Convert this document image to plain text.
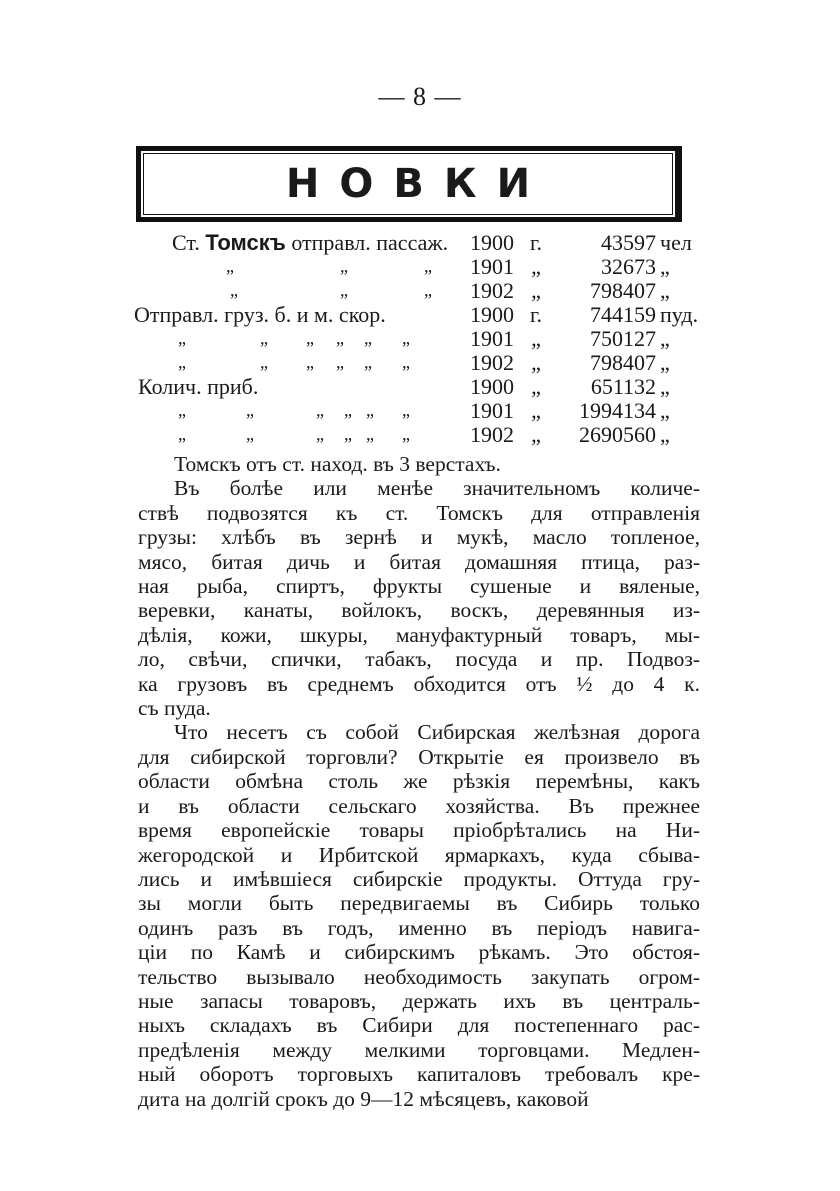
— 8 —
НОВКИ
Ст. Томскъ отправл. пассаж. 1900 г.	43597 чел
„	„	„	1901 „	32673 „
„	„	„	1902 „	798407 „
Отправл. груз. б. и м. скор.	1900 г.	744159 пуд.
„	„ „ „ „ „	1901 „	750127 „
„	„ „ „ „ „	1902 „	798407 „
Колич. приб.	1900 „	651132 „
„	„	„ „ „ „	1901 „	1994134 „
„	„	„ „ „ „	1902 „	2690560 „
Томскъ отъ ст. наход. въ 3 верстахъ.

Въ болѣе или менѣе значительномъ количе-
ствѣ подвозятся къ ст. Томскъ для отправленія
грузы: хлѣбъ въ зернѣ и мукѣ, масло топленое,
мясо, битая дичь и битая домашняя птица, раз-
ная рыба, спиртъ, фрукты сушеные и вяленые,
веревки, канаты, войлокъ, воскъ, деревянныя из-
дѣлія, кожи, шкуры, мануфактурный товаръ, мы-
ло, свѣчи, спички, табакъ, посуда и пр. Подвоз-
ка грузовъ въ среднемъ обходится отъ ½ до 4 к.
съ пуда.

Что несетъ съ собой Сибирская желѣзная дорога
для сибирской торговли? Открытіе ея произвело въ
области обмѣна столь же рѣзкія перемѣны, какъ
и въ области сельскаго хозяйства. Въ прежнее
время европейскіе товары пріобрѣтались на Ни-
жегородской и Ирбитской ярмаркахъ, куда сбыва-
лись и имѣвшіеся сибирскіе продукты. Оттуда гру-
зы могли быть передвигаемы въ Сибирь только
одинъ разъ въ годъ, именно въ періодъ навига-
ціи по Камѣ и сибирскимъ рѣкамъ. Это обстоя-
тельство вызывало необходимость закупать огром-
ные запасы товаровъ, держать ихъ въ централь-
ныхъ складахъ въ Сибири для постепеннаго рас-
предѣленія между мелкими торговцами. Медлен-
ный оборотъ торговыхъ капиталовъ требовалъ кре-
дита на долгій срокъ до 9—12 мѣсяцевъ, каковой
